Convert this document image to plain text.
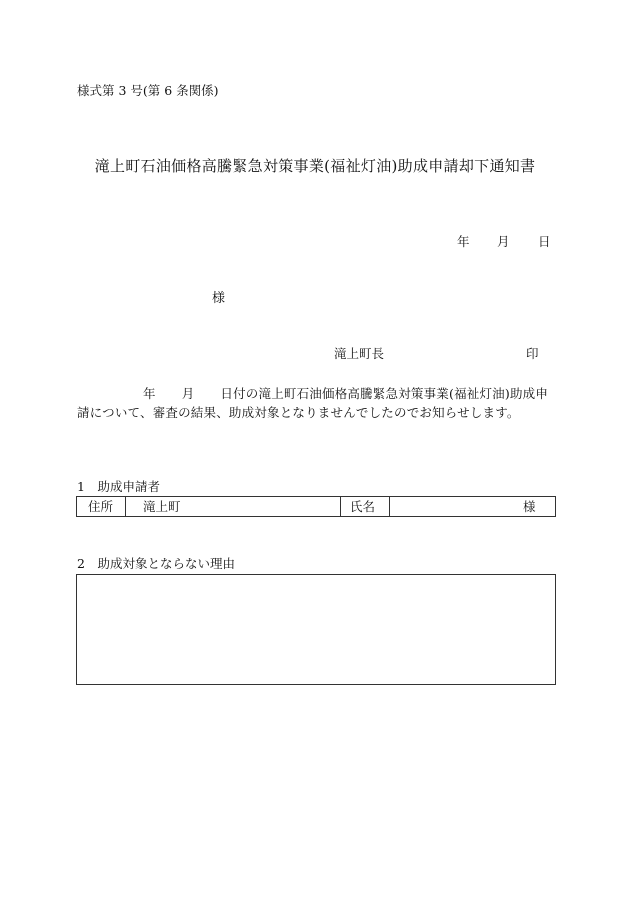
様式第 3 号(第 6 条関係)
滝上町石油価格高騰緊急対策事業(福祉灯油)助成申請却下通知書
年 月 日
様
滝上町長	印
年 月 日付の滝上町石油価格高騰緊急対策事業(福祉灯油)助成申請について、審査の結果、助成対象となりませんでしたのでお知らせします。
1　助成申請者
住所 滝上町	氏名	様
2　助成対象とならない理由
